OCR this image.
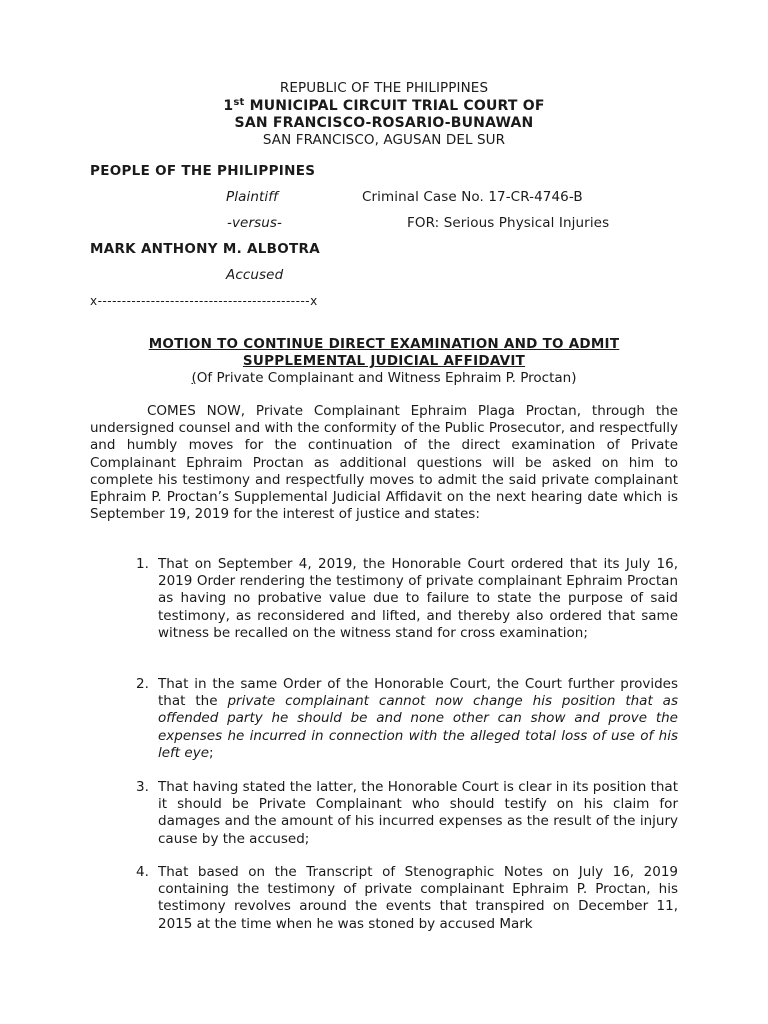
REPUBLIC OF THE PHILIPPINES
1st MUNICIPAL CIRCUIT TRIAL COURT OF
SAN FRANCISCO-ROSARIO-BUNAWAN
SAN FRANCISCO, AGUSAN DEL SUR
PEOPLE OF THE PHILIPPINES
Plaintiff	Criminal Case No. 17-CR-4746-B
-versus-	FOR: Serious Physical Injuries
MARK ANTHONY M. ALBOTRA
Accused
x--------------------------------------------x
MOTION TO CONTINUE DIRECT EXAMINATION AND TO ADMIT
SUPPLEMENTAL JUDICIAL AFFIDAVIT
(Of Private Complainant and Witness Ephraim P. Proctan)

COMES NOW, Private Complainant Ephraim Plaga Proctan, through the undersigned counsel and with the conformity of the Public Prosecutor, and respectfully and humbly moves for the continuation of the direct examination of Private Complainant Ephraim Proctan as additional questions will be asked on him to complete his testimony and respectfully moves to admit the said private complainant Ephraim P. Proctan’s Supplemental Judicial Affidavit on the next hearing date which is September 19, 2019 for the interest of justice and states:

1. That on September 4, 2019, the Honorable Court ordered that its July 16, 2019 Order rendering the testimony of private complainant Ephraim Proctan as having no probative value due to failure to state the purpose of said testimony, as reconsidered and lifted, and thereby also ordered that same witness be recalled on the witness stand for cross examination;
2. That in the same Order of the Honorable Court, the Court further provides that the private complainant cannot now change his position that as offended party he should be and none other can show and prove the expenses he incurred in connection with the alleged total loss of use of his left eye;
3. That having stated the latter, the Honorable Court is clear in its position that it should be Private Complainant who should testify on his claim for damages and the amount of his incurred expenses as the result of the injury cause by the accused;
4. That based on the Transcript of Stenographic Notes on July 16, 2019 containing the testimony of private complainant Ephraim P. Proctan, his testimony revolves around the events that transpired on December 11, 2015 at the time when he was stoned by accused Mark
